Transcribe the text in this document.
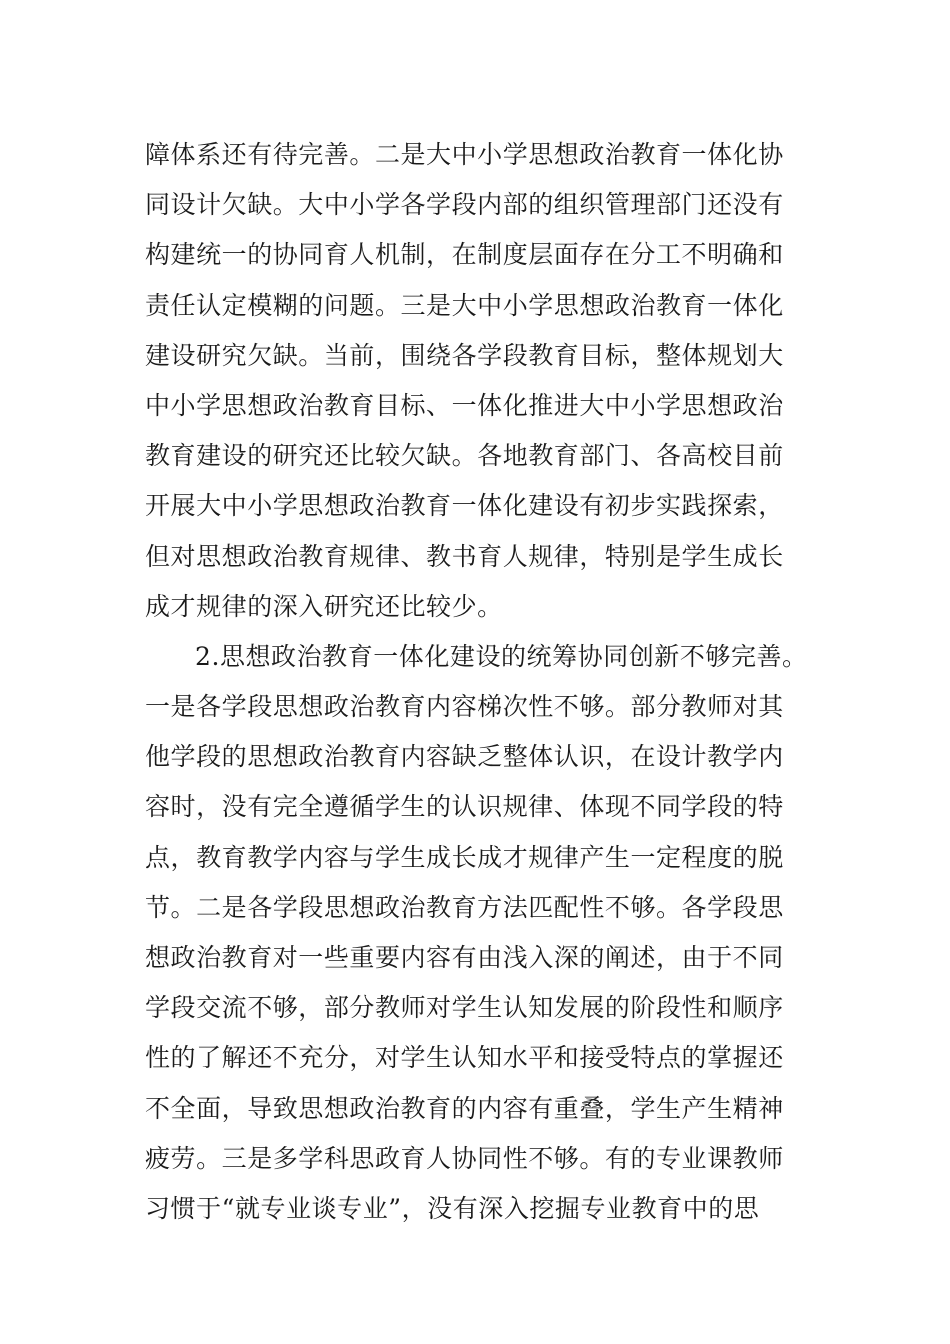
障体系还有待完善。二是大中小学思想政治教育一体化协
同设计欠缺。大中小学各学段内部的组织管理部门还没有
构建统一的协同育人机制，在制度层面存在分工不明确和
责任认定模糊的问题。三是大中小学思想政治教育一体化
建设研究欠缺。当前，围绕各学段教育目标，整体规划大
中小学思想政治教育目标、一体化推进大中小学思想政治
教育建设的研究还比较欠缺。各地教育部门、各高校目前
开展大中小学思想政治教育一体化建设有初步实践探索，
但对思想政治教育规律、教书育人规律，特别是学生成长
成才规律的深入研究还比较少。
2.思想政治教育一体化建设的统筹协同创新不够完善。
一是各学段思想政治教育内容梯次性不够。部分教师对其
他学段的思想政治教育内容缺乏整体认识，在设计教学内
容时，没有完全遵循学生的认识规律、体现不同学段的特
点，教育教学内容与学生成长成才规律产生一定程度的脱
节。二是各学段思想政治教育方法匹配性不够。各学段思
想政治教育对一些重要内容有由浅入深的阐述，由于不同
学段交流不够，部分教师对学生认知发展的阶段性和顺序
性的了解还不充分，对学生认知水平和接受特点的掌握还
不全面，导致思想政治教育的内容有重叠，学生产生精神
疲劳。三是多学科思政育人协同性不够。有的专业课教师
习惯于“就专业谈专业”，没有深入挖掘专业教育中的思
